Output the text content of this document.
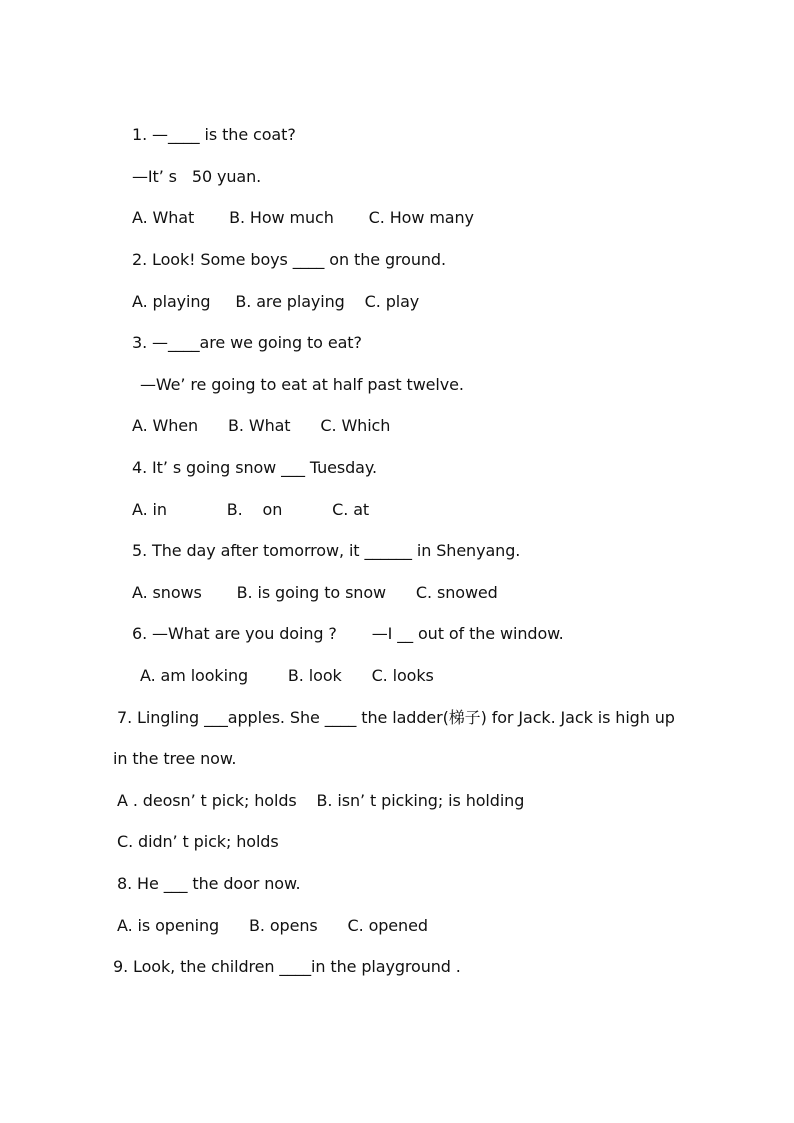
1. —____ is the coat?
—It’ s   50 yuan.
A. What       B. How much       C. How many
2. Look! Some boys ____ on the ground.
A. playing     B. are playing    C. play
3. —____are we going to eat?
—We’ re going to eat at half past twelve.
A. When      B. What      C. Which
4. It’ s going snow ___ Tuesday.
A. in            B.    on          C. at
5. The day after tomorrow, it ______ in Shenyang.
A. snows       B. is going to snow      C. snowed
6. —What are you doing ?       —I __ out of the window.
A. am looking        B. look      C. looks
7. Lingling ___apples. She ____ the ladder(梯子) for Jack. Jack is high up
in the tree now.
A . deosn’ t pick; holds    B. isn’ t picking; is holding
C. didn’ t pick; holds
8. He ___ the door now.
A. is opening      B. opens      C. opened
9. Look, the children ____in the playground .
